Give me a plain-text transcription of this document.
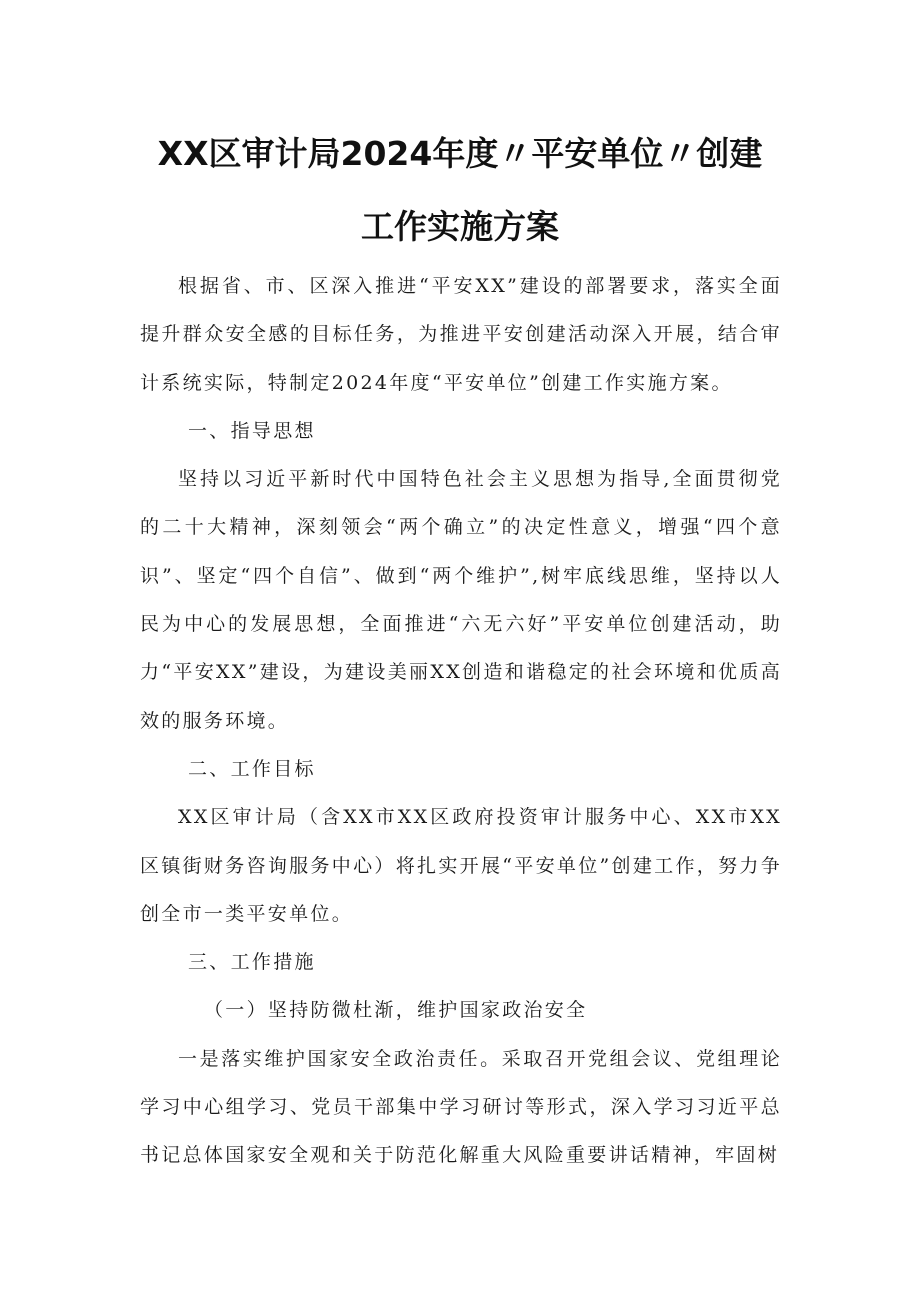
XX区审计局2024年度〃平安单位〃创建
工作实施方案

根据省、市、区深入推进“平安XX”建设的部署要求，落实全面提升群众安全感的目标任务，为推进平安创建活动深入开展，结合审计系统实际，特制定2024年度“平安单位”创建工作实施方案。

一、指导思想

坚持以习近平新时代中国特色社会主义思想为指导,全面贯彻党的二十大精神，深刻领会“两个确立”的决定性意义，增强“四个意识”、坚定“四个自信”、做到“两个维护”,树牢底线思维，坚持以人民为中心的发展思想，全面推进“六无六好”平安单位创建活动，助力“平安XX”建设，为建设美丽XX创造和谐稳定的社会环境和优质高效的服务环境。

二、工作目标

XX区审计局（含XX市XX区政府投资审计服务中心、XX市XX区镇街财务咨询服务中心）将扎实开展“平安单位”创建工作，努力争创全市一类平安单位。

三、工作措施

（一）坚持防微杜渐，维护国家政治安全

一是落实维护国家安全政治责任。采取召开党组会议、党组理论学习中心组学习、党员干部集中学习研讨等形式，深入学习习近平总书记总体国家安全观和关于防范化解重大风险重要讲话精神，牢固树
